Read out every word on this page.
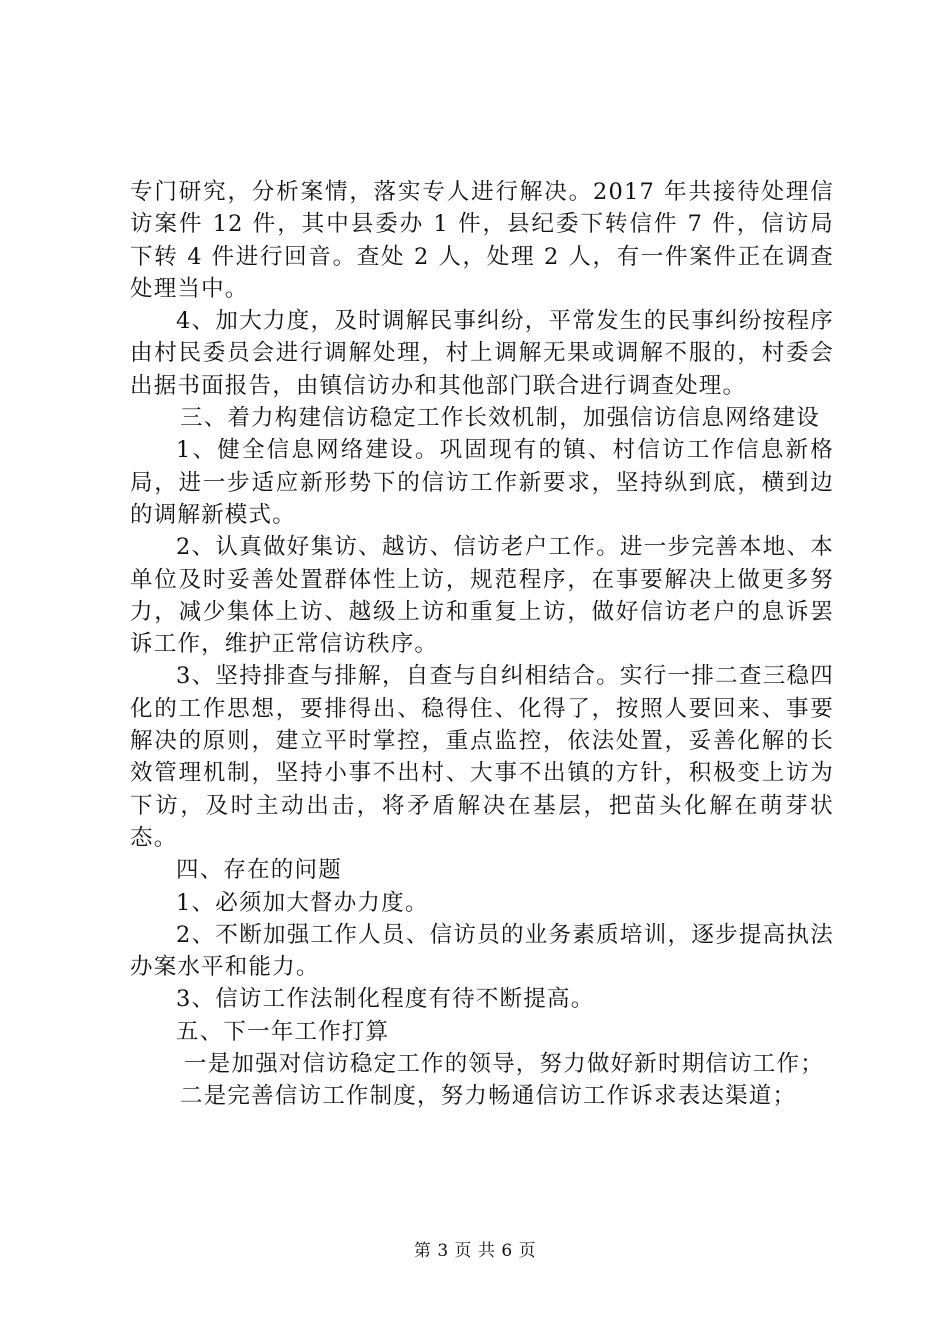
专门研究，分析案情，落实专人进行解决。2017 年共接待处理信访案件 12 件，其中县委办 1 件，县纪委下转信件 7 件，信访局下转 4 件进行回音。查处 2 人，处理 2 人，有一件案件正在调查处理当中。

4、加大力度，及时调解民事纠纷，平常发生的民事纠纷按程序由村民委员会进行调解处理，村上调解无果或调解不服的，村委会出据书面报告，由镇信访办和其他部门联合进行调查处理。

三、着力构建信访稳定工作长效机制，加强信访信息网络建设

1、健全信息网络建设。巩固现有的镇、村信访工作信息新格局，进一步适应新形势下的信访工作新要求，坚持纵到底，横到边的调解新模式。

2、认真做好集访、越访、信访老户工作。进一步完善本地、本单位及时妥善处置群体性上访，规范程序，在事要解决上做更多努力，减少集体上访、越级上访和重复上访，做好信访老户的息诉罢诉工作，维护正常信访秩序。

3、坚持排查与排解，自查与自纠相结合。实行一排二查三稳四化的工作思想，要排得出、稳得住、化得了，按照人要回来、事要解决的原则，建立平时掌控，重点监控，依法处置，妥善化解的长效管理机制，坚持小事不出村、大事不出镇的方针，积极变上访为下访，及时主动出击，将矛盾解决在基层，把苗头化解在萌芽状态。

四、存在的问题

1、必须加大督办力度。

2、不断加强工作人员、信访员的业务素质培训，逐步提高执法办案水平和能力。

3、信访工作法制化程度有待不断提高。

五、下一年工作打算

一是加强对信访稳定工作的领导，努力做好新时期信访工作；

二是完善信访工作制度，努力畅通信访工作诉求表达渠道；

第 3 页 共 6 页
